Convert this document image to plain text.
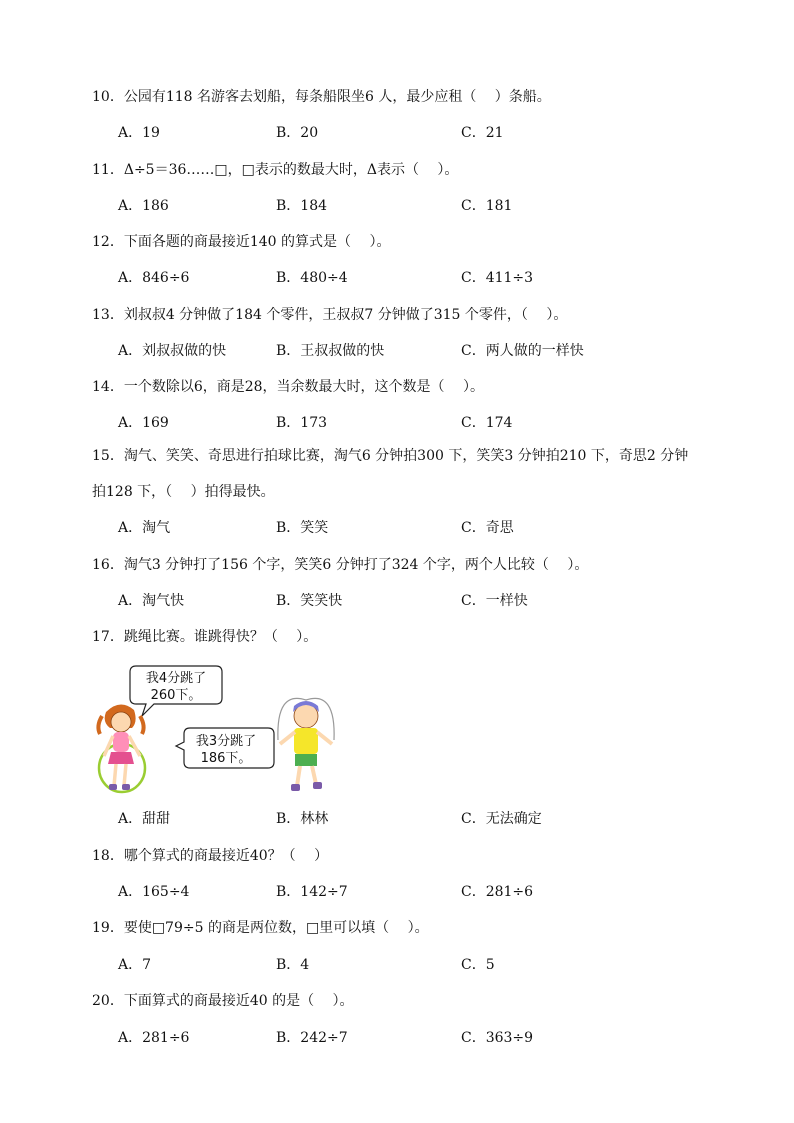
10．公园有118 名游客去划船，每条船限坐6 人，最少应租（　 ）条船。
A．19	B．20	C．21
11．Δ÷5＝36……□，□表示的数最大时，Δ表示（　 ）。
A．186	B．184	C．181
12．下面各题的商最接近140 的算式是（　 ）。
A．846÷6	B．480÷4	C．411÷3
13．刘叔叔4 分钟做了184 个零件，王叔叔7 分钟做了315 个零件，（　 ）。
A．刘叔叔做的快	B．王叔叔做的快	C．两人做的一样快
14．一个数除以6，商是28，当余数最大时，这个数是（　 ）。
A．169	B．173	C．174
15．淘气、笑笑、奇思进行拍球比赛，淘气6 分钟拍300 下，笑笑3 分钟拍210 下，奇思2 分钟
拍128 下，（　 ）拍得最快。
A．淘气	B．笑笑	C．奇思
16．淘气3 分钟打了156 个字，笑笑6 分钟打了324 个字，两个人比较（　 ）。
A．淘气快	B．笑笑快	C．一样快
17．跳绳比赛。谁跳得快？（　 ）。
我4分跳了
260下。
我3分跳了
186下。
A．甜甜	B．林林	C．无法确定
18．哪个算式的商最接近40？（　 ）
A．165÷4	B．142÷7	C．281÷6
19．要使□79÷5 的商是两位数，□里可以填（　 ）。
A．7	B．4	C．5
20．下面算式的商最接近40 的是（　 ）。
A．281÷6	B．242÷7	C．363÷9
